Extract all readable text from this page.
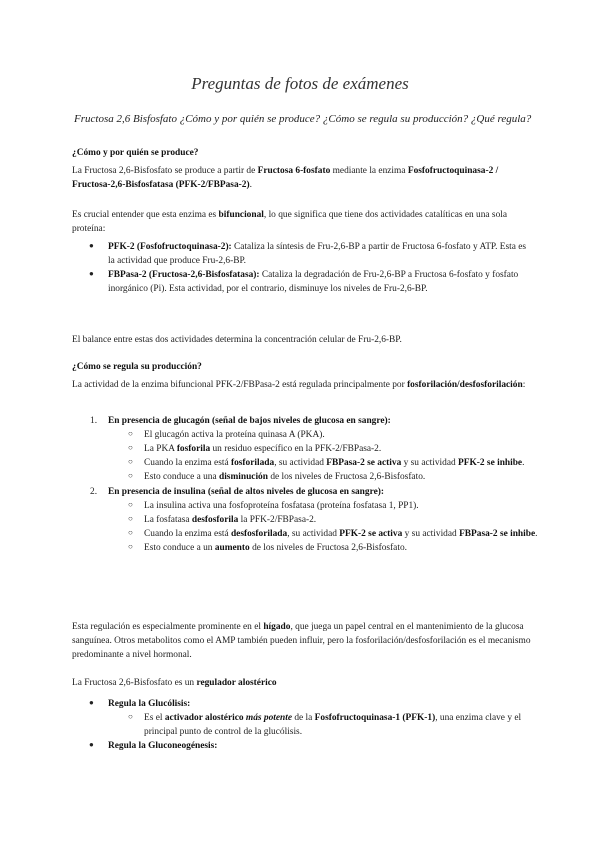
Preguntas de fotos de exámenes

Fructosa 2,6 Bisfosfato ¿Cómo y por quién se produce? ¿Cómo se regula su producción? ¿Qué regula?

¿Cómo y por quién se produce?

La Fructosa 2,6-Bisfosfato se produce a partir de Fructosa 6-fosfato mediante la enzima Fosfofructoquinasa-2 / Fructosa-2,6-Bisfosfatasa (PFK-2/FBPasa-2).

Es crucial entender que esta enzima es bifuncional, lo que significa que tiene dos actividades catalíticas en una sola proteína:

● PFK-2 (Fosfofructoquinasa-2): Cataliza la síntesis de Fru-2,6-BP a partir de Fructosa 6-fosfato y ATP. Esta es la actividad que produce Fru-2,6-BP.
● FBPasa-2 (Fructosa-2,6-Bisfosfatasa): Cataliza la degradación de Fru-2,6-BP a Fructosa 6-fosfato y fosfato inorgánico (Pi). Esta actividad, por el contrario, disminuye los niveles de Fru-2,6-BP.

El balance entre estas dos actividades determina la concentración celular de Fru-2,6-BP.

¿Cómo se regula su producción?

La actividad de la enzima bifuncional PFK-2/FBPasa-2 está regulada principalmente por fosforilación/desfosforilación:

1. En presencia de glucagón (señal de bajos niveles de glucosa en sangre):
○ El glucagón activa la proteína quinasa A (PKA).
○ La PKA fosforila un residuo específico en la PFK-2/FBPasa-2.
○ Cuando la enzima está fosforilada, su actividad FBPasa-2 se activa y su actividad PFK-2 se inhibe.
○ Esto conduce a una disminución de los niveles de Fructosa 2,6-Bisfosfato.
2. En presencia de insulina (señal de altos niveles de glucosa en sangre):
○ La insulina activa una fosfoproteína fosfatasa (proteína fosfatasa 1, PP1).
○ La fosfatasa desfosforila la PFK-2/FBPasa-2.
○ Cuando la enzima está desfosforilada, su actividad PFK-2 se activa y su actividad FBPasa-2 se inhibe.
○ Esto conduce a un aumento de los niveles de Fructosa 2,6-Bisfosfato.

Esta regulación es especialmente prominente en el hígado, que juega un papel central en el mantenimiento de la glucosa sanguínea. Otros metabolitos como el AMP también pueden influir, pero la fosforilación/desfosforilación es el mecanismo predominante a nivel hormonal.

La Fructosa 2,6-Bisfosfato es un regulador alostérico

● Regula la Glucólisis:
○ Es el activador alostérico más potente de la Fosfofructoquinasa-1 (PFK-1), una enzima clave y el principal punto de control de la glucólisis.
● Regula la Gluconeogénesis:
